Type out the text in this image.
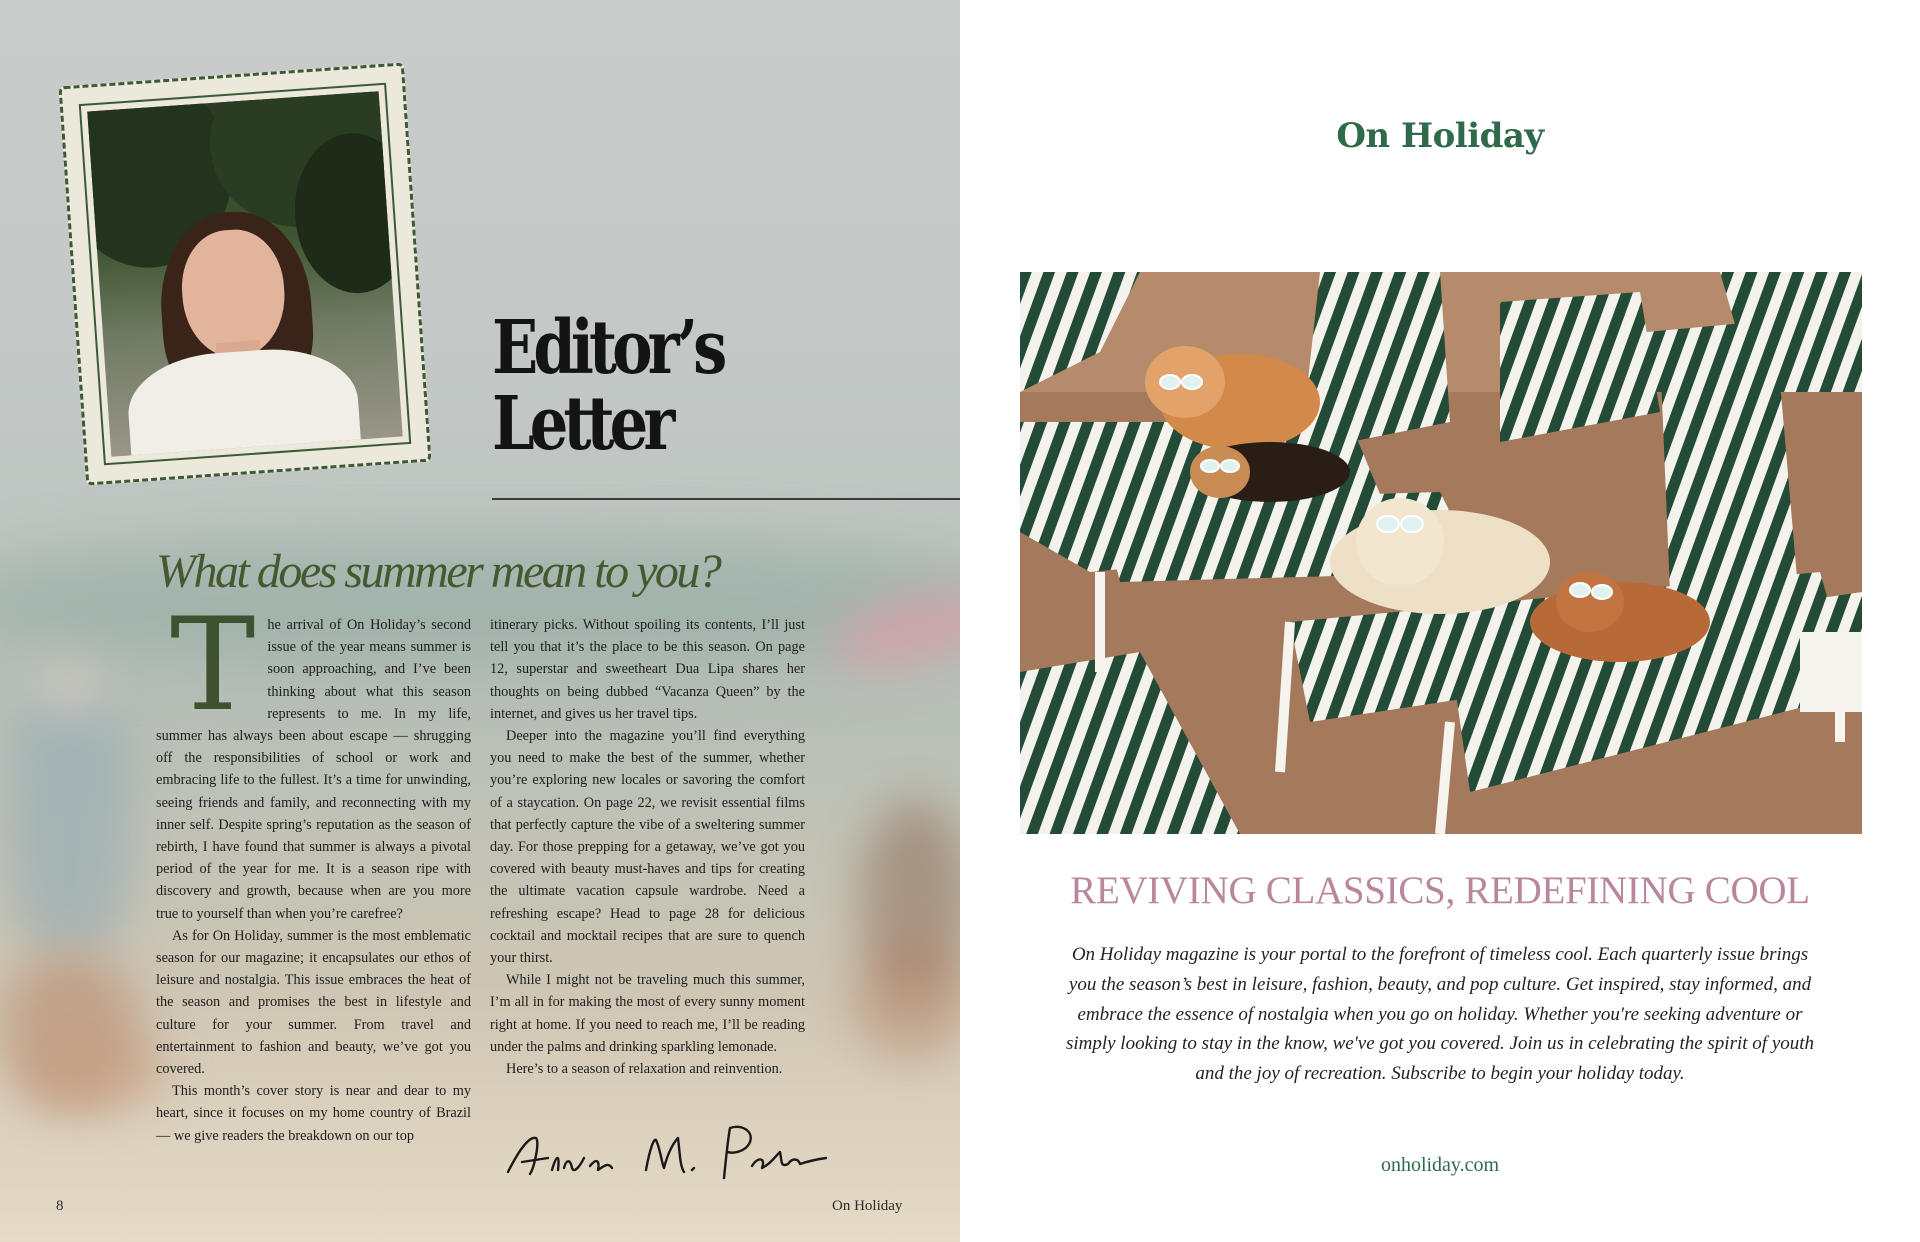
Editor’s
Letter
What does summer mean to you?

The arrival of On Holiday’s second issue of the year means summer is soon approaching, and I’ve been thinking about what this season represents to me. In my life, summer has always been about escape — shrugging off the responsibilities of school or work and embracing life to the fullest. It’s a time for unwinding, seeing friends and family, and reconnecting with my inner self. Despite spring’s reputation as the season of rebirth, I have found that summer is always a pivotal period of the year for me. It is a season ripe with discovery and growth, because when are you more true to yourself than when you’re carefree?

As for On Holiday, summer is the most emblematic season for our magazine; it encapsulates our ethos of leisure and nostalgia. This issue embraces the heat of the season and promises the best in lifestyle and culture for your summer. From travel and entertainment to fashion and beauty, we’ve got you covered.

This month’s cover story is near and dear to my heart, since it focuses on my home country of Brazil — we give readers the breakdown on our top

itinerary picks. Without spoiling its contents, I’ll just tell you that it’s the place to be this season. On page 12, superstar and sweetheart Dua Lipa shares her thoughts on being dubbed “Vacanza Queen” by the internet, and gives us her travel tips.

Deeper into the magazine you’ll find everything you need to make the best of the summer, whether you’re exploring new locales or savoring the comfort of a staycation. On page 22, we revisit essential films that perfectly capture the vibe of a sweltering summer day. For those prepping for a getaway, we’ve got you covered with beauty must-haves and tips for creating the ultimate vacation capsule wardrobe. Need a refreshing escape? Head to page 28 for delicious cocktail and mocktail recipes that are sure to quench your thirst.

While I might not be traveling much this summer, I’m all in for making the most of every sunny moment right at home. If you need to reach me, I’ll be reading under the palms and drinking sparkling lemonade.

Here’s to a season of relaxation and reinvention.

8	On Holiday
On Holiday
REVIVING CLASSICS, REDEFINING COOL
On Holiday magazine is your portal to the forefront of timeless cool. Each quarterly issue brings you the season’s best in leisure, fashion, beauty, and pop culture. Get inspired, stay informed, and embrace the essence of nostalgia when you go on holiday. Whether you're seeking adventure or simply looking to stay in the know, we've got you covered. Join us in celebrating the spirit of youth and the joy of recreation. Subscribe to begin your holiday today.
onholiday.com
